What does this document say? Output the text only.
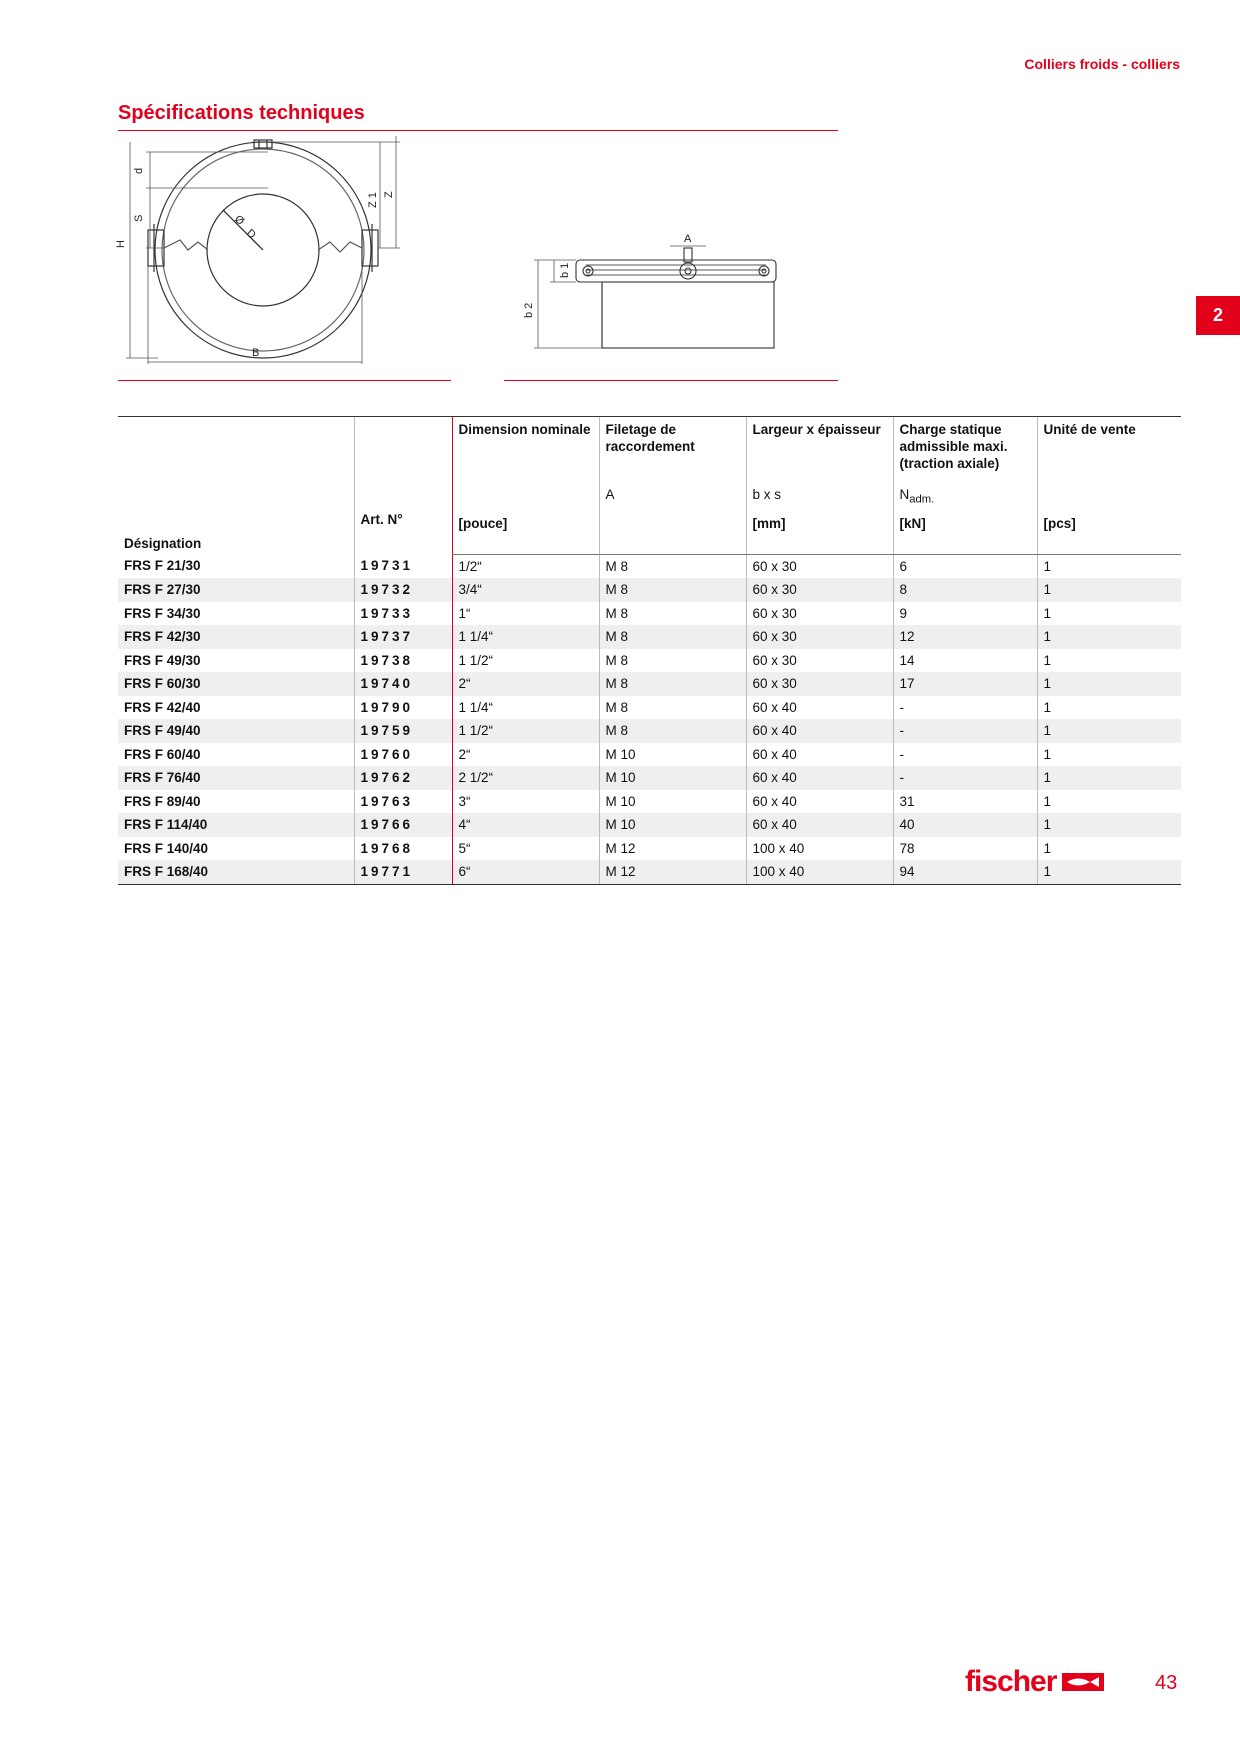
Colliers froids - colliers
Spécifications techniques
2
d
S
H
Z 1 Z
Ø
D
B
A
b 1
b 2
Désignation	Art. N°	Dimension nominale	Filetage de raccordement	Largeur x épaisseur	Charge statique admissible maxi. (traction axiale)	Unité de vente
			A	b x s	$N_{adm.}$	
		[pouce]		[mm]	[kN]	[pcs]

FRS F 21/30	19731	1/2“	M 8	60 x 30	6	1
FRS F 27/30	19732	3/4“	M 8	60 x 30	8	1
FRS F 34/30	19733	1“	M 8	60 x 30	9	1
FRS F 42/30	19737	1 1/4“	M 8	60 x 30	12	1
FRS F 49/30	19738	1 1/2“	M 8	60 x 30	14	1
FRS F 60/30	19740	2“	M 8	60 x 30	17	1
FRS F 42/40	19790	1 1/4“	M 8	60 x 40	-	1
FRS F 49/40	19759	1 1/2“	M 8	60 x 40	-	1
FRS F 60/40	19760	2“	M 10	60 x 40	-	1
FRS F 76/40	19762	2 1/2“	M 10	60 x 40	-	1
FRS F 89/40	19763	3“	M 10	60 x 40	31	1
FRS F 114/40	19766	4“	M 10	60 x 40	40	1
FRS F 140/40	19768	5“	M 12	100 x 40	78	1
FRS F 168/40	19771	6“	M 12	100 x 40	94	1
fischer	43
